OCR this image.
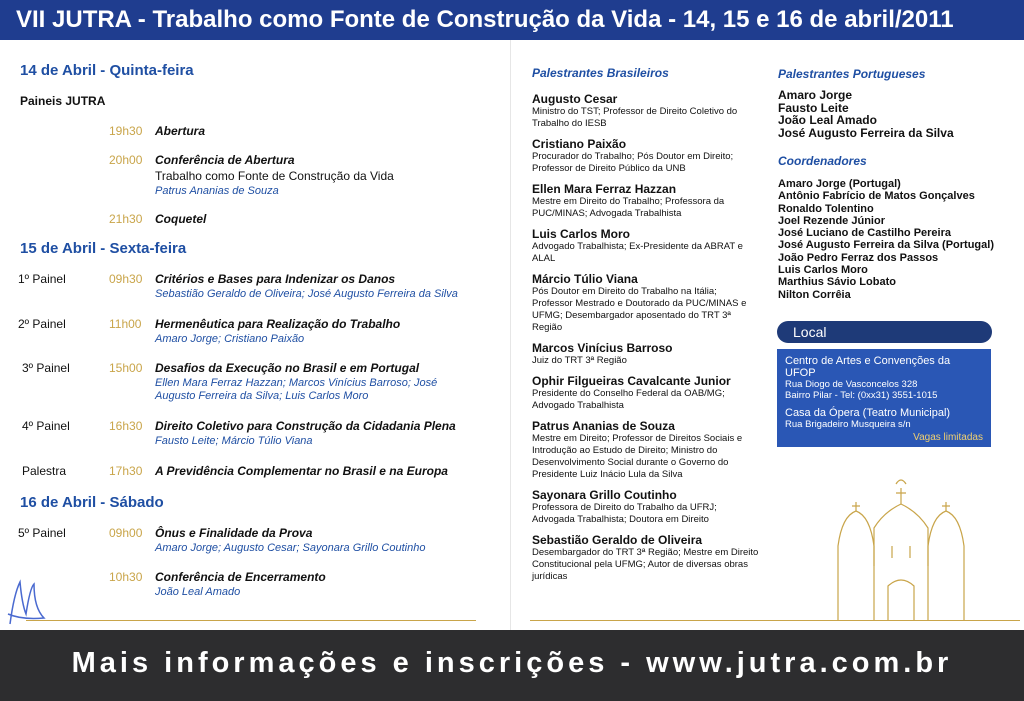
VII JUTRA - Trabalho como Fonte de Construção da Vida - 14, 15 e 16 de abril/2011
14 de Abril - Quinta-feira
Paineis JUTRA
19h30	Abertura
20h00	Conferência de Abertura
Trabalho como Fonte de Construção da Vida
Patrus Ananias de Souza
21h30	Coquetel
15 de Abril - Sexta-feira
1º Painel	09h30	Critérios e Bases para Indenizar os Danos
Sebastião Geraldo de Oliveira; José Augusto Ferreira da Silva
2º Painel	11h00	Hermenêutica para Realização do Trabalho
Amaro Jorge; Cristiano Paixão
3º Painel	15h00	Desafios da Execução no Brasil e em Portugal
Ellen Mara Ferraz Hazzan; Marcos Vinícius Barroso; José Augusto Ferreira da Silva; Luis Carlos Moro
4º Painel	16h30	Direito Coletivo para Construção da Cidadania Plena
Fausto Leite; Márcio Túlio Viana
Palestra	17h30	A Previdência Complementar no Brasil e na Europa
16 de Abril - Sábado
5º Painel	09h00	Ônus e Finalidade da Prova
Amaro Jorge; Augusto Cesar; Sayonara Grillo Coutinho
10h30	Conferência de Encerramento
João Leal Amado
Palestrantes Brasileiros
Augusto Cesar
Ministro do TST; Professor de Direito Coletivo do Trabalho do IESB
Cristiano Paixão
Procurador do Trabalho; Pós Doutor em Direito; Professor de Direito Público da UNB
Ellen Mara Ferraz Hazzan
Mestre em Direito do Trabalho; Professora da PUC/MINAS; Advogada Trabalhista
Luis Carlos Moro
Advogado Trabalhista; Ex-Presidente da ABRAT e ALAL
Márcio Túlio Viana
Pós Doutor em Direito do Trabalho na Itália; Professor Mestrado e Doutorado da PUC/MINAS e UFMG; Desembargador aposentado do TRT 3ª Região
Marcos Vinícius Barroso
Juiz do TRT 3ª Região
Ophir Filgueiras Cavalcante Junior
Presidente do Conselho Federal da OAB/MG; Advogado Trabalhista
Patrus Ananias de Souza
Mestre em Direito; Professor de Direitos Sociais e Introdução ao Estudo de Direito; Ministro do Desenvolvimento Social durante o Governo do Presidente Luiz Inácio Lula da Silva
Sayonara Grillo Coutinho
Professora de Direito do Trabalho da UFRJ; Advogada Trabalhista; Doutora em Direito
Sebastião Geraldo de Oliveira
Desembargador do TRT 3ª Região; Mestre em Direito Constitucional pela UFMG; Autor de diversas obras jurídicas
Palestrantes Portugueses
Amaro Jorge
Fausto Leite
João Leal Amado
José Augusto Ferreira da Silva
Coordenadores
Amaro Jorge (Portugal)
Antônio Fabrício de Matos Gonçalves
Ronaldo Tolentino
Joel Rezende Júnior
José Luciano de Castilho Pereira
José Augusto Ferreira da Silva (Portugal)
João Pedro Ferraz dos Passos
Luis Carlos Moro
Marthius Sávio Lobato
Nilton Corrêia
Local
Centro de Artes e Convenções da UFOP
Rua Diogo de Vasconcelos 328
Bairro Pilar - Tel: (0xx31) 3551-1015
Casa da Ópera (Teatro Municipal)
Rua Brigadeiro Musqueira s/n
Vagas limitadas
Mais informações e inscrições - www.jutra.com.br
